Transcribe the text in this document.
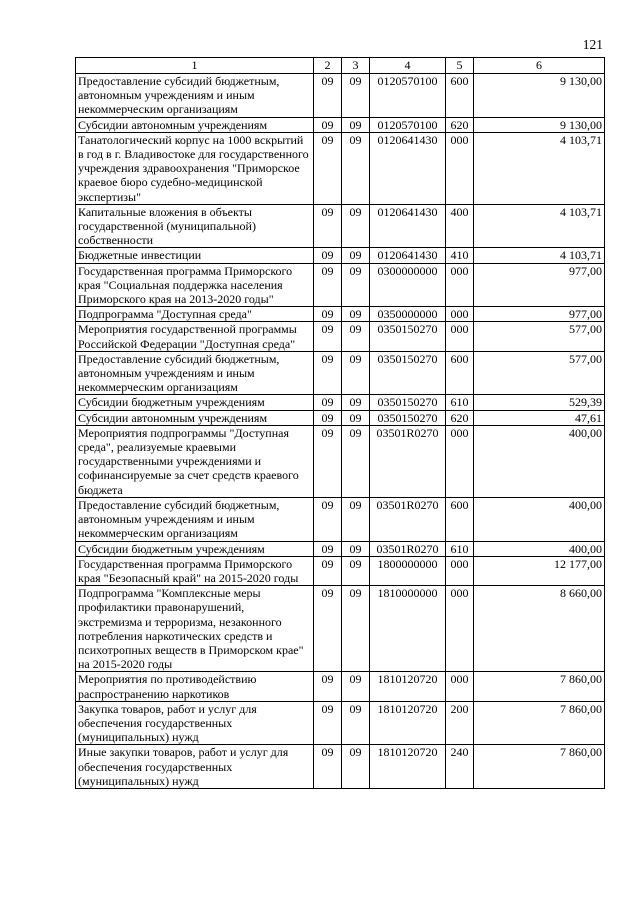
121
1	2	3	4	5	6
Предоставление субсидий бюджетным, автономным учреждениям и иным некоммерческим организациям	09	09	0120570100	600	9 130,00
Субсидии автономным учреждениям	09	09	0120570100	620	9 130,00
Танатологический корпус на 1000 вскрытий в год в г. Владивостоке для государственного учреждения здравоохранения "Приморское краевое бюро судебно-медицинской экспертизы"	09	09	0120641430	000	4 103,71
Капитальные вложения в объекты государственной (муниципальной) собственности	09	09	0120641430	400	4 103,71
Бюджетные инвестиции	09	09	0120641430	410	4 103,71
Государственная программа Приморского края "Социальная поддержка населения Приморского края на 2013-2020 годы"	09	09	0300000000	000	977,00
Подпрограмма "Доступная среда"	09	09	0350000000	000	977,00
Мероприятия государственной программы Российской Федерации "Доступная среда"	09	09	0350150270	000	577,00
Предоставление субсидий бюджетным, автономным учреждениям и иным некоммерческим организациям	09	09	0350150270	600	577,00
Субсидии бюджетным учреждениям	09	09	0350150270	610	529,39
Субсидии автономным учреждениям	09	09	0350150270	620	47,61
Мероприятия подпрограммы "Доступная среда", реализуемые краевыми государственными учреждениями и софинансируемые за счет средств краевого бюджета	09	09	03501R0270	000	400,00
Предоставление субсидий бюджетным, автономным учреждениям и иным некоммерческим организациям	09	09	03501R0270	600	400,00
Субсидии бюджетным учреждениям	09	09	03501R0270	610	400,00
Государственная программа Приморского края "Безопасный край" на 2015-2020 годы	09	09	1800000000	000	12 177,00
Подпрограмма "Комплексные меры профилактики правонарушений, экстремизма и терроризма, незаконного потребления наркотических средств и психотропных веществ в Приморском крае" на 2015-2020 годы	09	09	1810000000	000	8 660,00
Мероприятия по противодействию распространению наркотиков	09	09	1810120720	000	7 860,00
Закупка товаров, работ и услуг для обеспечения государственных (муниципальных) нужд	09	09	1810120720	200	7 860,00
Иные закупки товаров, работ и услуг для обеспечения государственных (муниципальных) нужд	09	09	1810120720	240	7 860,00
